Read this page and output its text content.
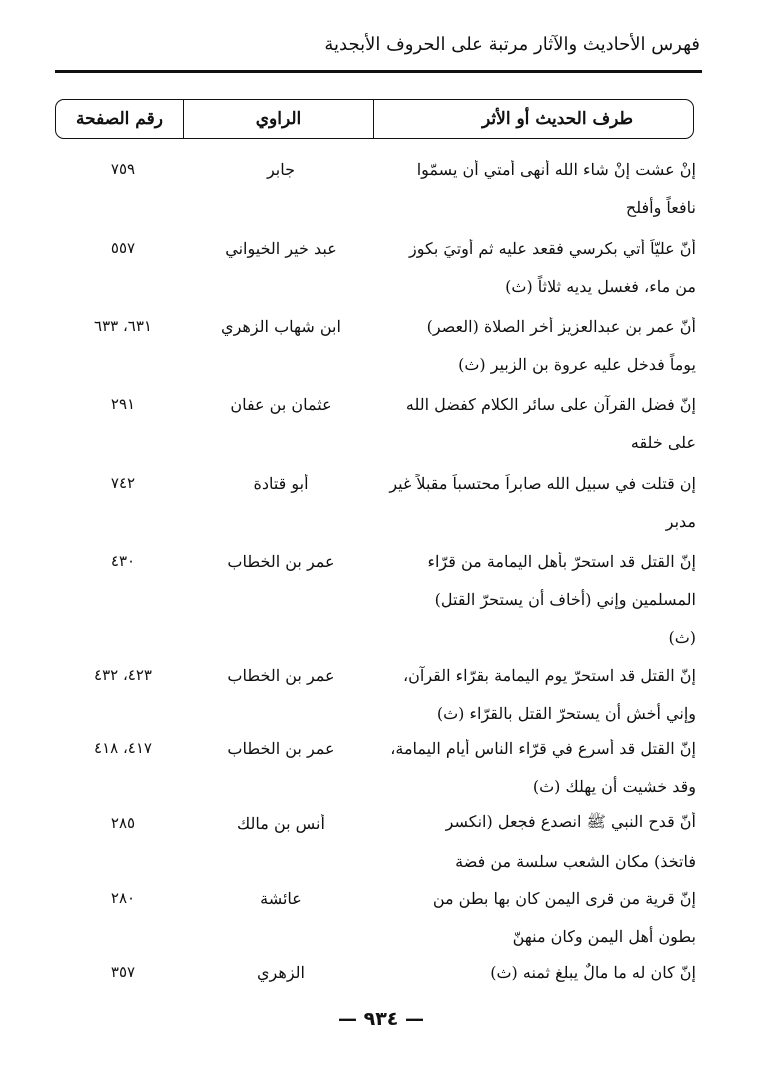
فهرس الأحاديث والآثار مرتبة على الحروف الأبجدية
طرف الحديث أو الأثر
الراوي
رقم الصفحة
إنْ عشت إنْ شاء الله أنهى أمتي أن يسمّوا
جابر
٧٥٩
نافعاً وأفلح
أنّ عليّاً أُتي بكرسي فقعد عليه ثم أُوتيَ بكوز
عبد خير الخيواني
٥٥٧
من ماء، فغسل يديه ثلاثاً (ث)
أنّ عمر بن عبدالعزيز أخر الصلاة (العصر)
ابن شهاب الزهري
٦٣١، ٦٣٣
يوماً فدخل عليه عروة بن الزبير (ث)
إنّ فضل القرآن على سائر الكلام كفضل الله
عثمان بن عفان
٢٩١
على خلقه
إن قتلت في سبيل الله صابراً محتسباً مقبلاً غير
أبو قتادة
٧٤٢
مدبر
إنّ القتل قد استحرّ بأهل اليمامة من قرّاء
عمر بن الخطاب
٤٣٠
المسلمين وإني (أخاف أن يستحرّ القتل)
(ث)
إنّ القتل قد استحرّ يوم اليمامة بقرّاء القرآن،
عمر بن الخطاب
٤٢٣، ٤٣٢
وإني أخش أن يستحرّ القتل بالقرّاء (ث)
إنّ القتل قد أسرع في قرّاء الناس أيام اليمامة،
عمر بن الخطاب
٤١٧، ٤١٨
وقد خشيت أن يهلك (ث)
أنّ قدح النبي ﷺ انصدع فجعل (انكسر
أنس بن مالك
٢٨٥
فاتخذ) مكان الشعب سلسة من فضة
إنّ قرية من قرى اليمن كان بها بطن من
عائشة
٢٨٠
بطون أهل اليمن وكان منهنّ
إنّ كان له ما مالٌ يبلغ ثمنه (ث)
الزهري
٣٥٧
— ٩٣٤ —
